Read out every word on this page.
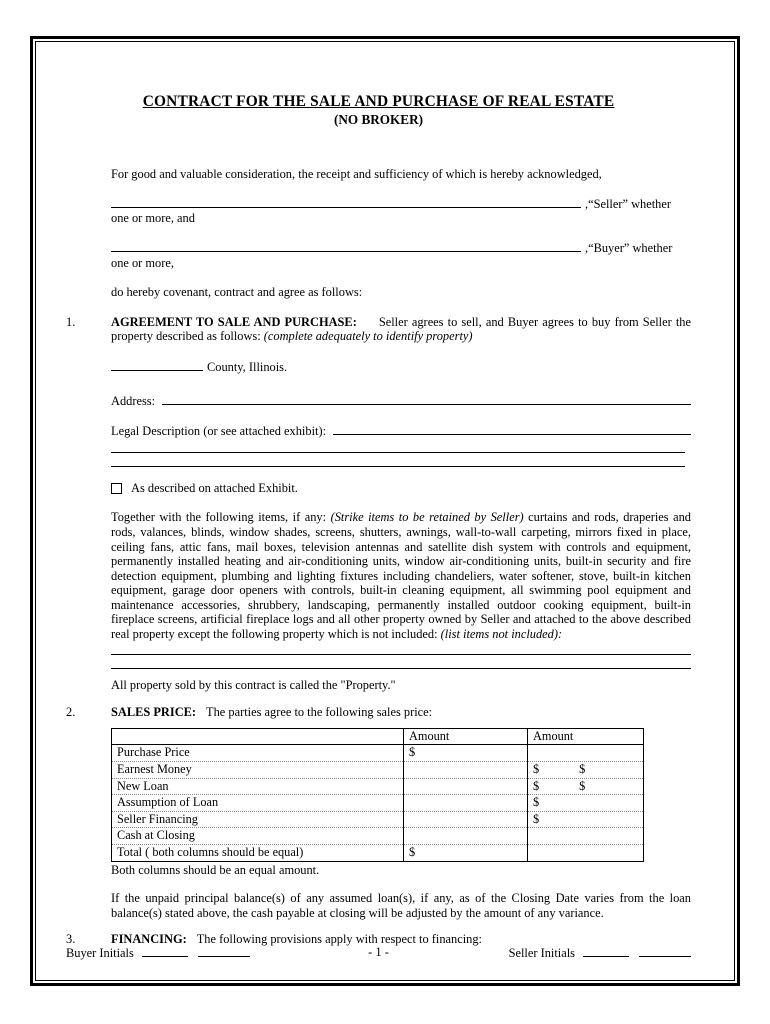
CONTRACT FOR THE SALE AND PURCHASE OF REAL ESTATE
(NO BROKER)
For good and valuable consideration, the receipt and sufficiency of which is hereby acknowledged,
,“Seller” whether one or more, and
,“Buyer” whether one or more,
do hereby covenant, contract and agree as follows:
1.	AGREEMENT TO SALE AND PURCHASE: Seller agrees to sell, and Buyer agrees to buy from Seller the property described as follows: (complete adequately to identify property)
County, Illinois.
Address:
Legal Description (or see attached exhibit):
As described on attached Exhibit.
Together with the following items, if any: (Strike items to be retained by Seller) curtains and rods, draperies and rods, valances, blinds, window shades, screens, shutters, awnings, wall-to-wall carpeting, mirrors fixed in place, ceiling fans, attic fans, mail boxes, television antennas and satellite dish system with controls and equipment, permanently installed heating and air-conditioning units, window air-conditioning units, built-in security and fire detection equipment, plumbing and lighting fixtures including chandeliers, water softener, stove, built-in kitchen equipment, garage door openers with controls, built-in cleaning equipment, all swimming pool equipment and maintenance accessories, shrubbery, landscaping, permanently installed outdoor cooking equipment, built-in fireplace screens, artificial fireplace logs and all other property owned by Seller and attached to the above described real property except the following property which is not included: (list items not included):
All property sold by this contract is called the "Property."
2.	SALES PRICE: The parties agree to the following sales price:
	Amount	Amount
Purchase Price	$	
Earnest Money		$             $
New Loan		$             $
Assumption of Loan		$
Seller Financing		$
Cash at Closing		
Total ( both columns should be equal)	$	
Both columns should be an equal amount.
If the unpaid principal balance(s) of any assumed loan(s), if any, as of the Closing Date varies from the loan balance(s) stated above, the cash payable at closing will be adjusted by the amount of any variance.
3.	FINANCING: The following provisions apply with respect to financing:
- 1 -
Buyer Initials	Seller Initials
